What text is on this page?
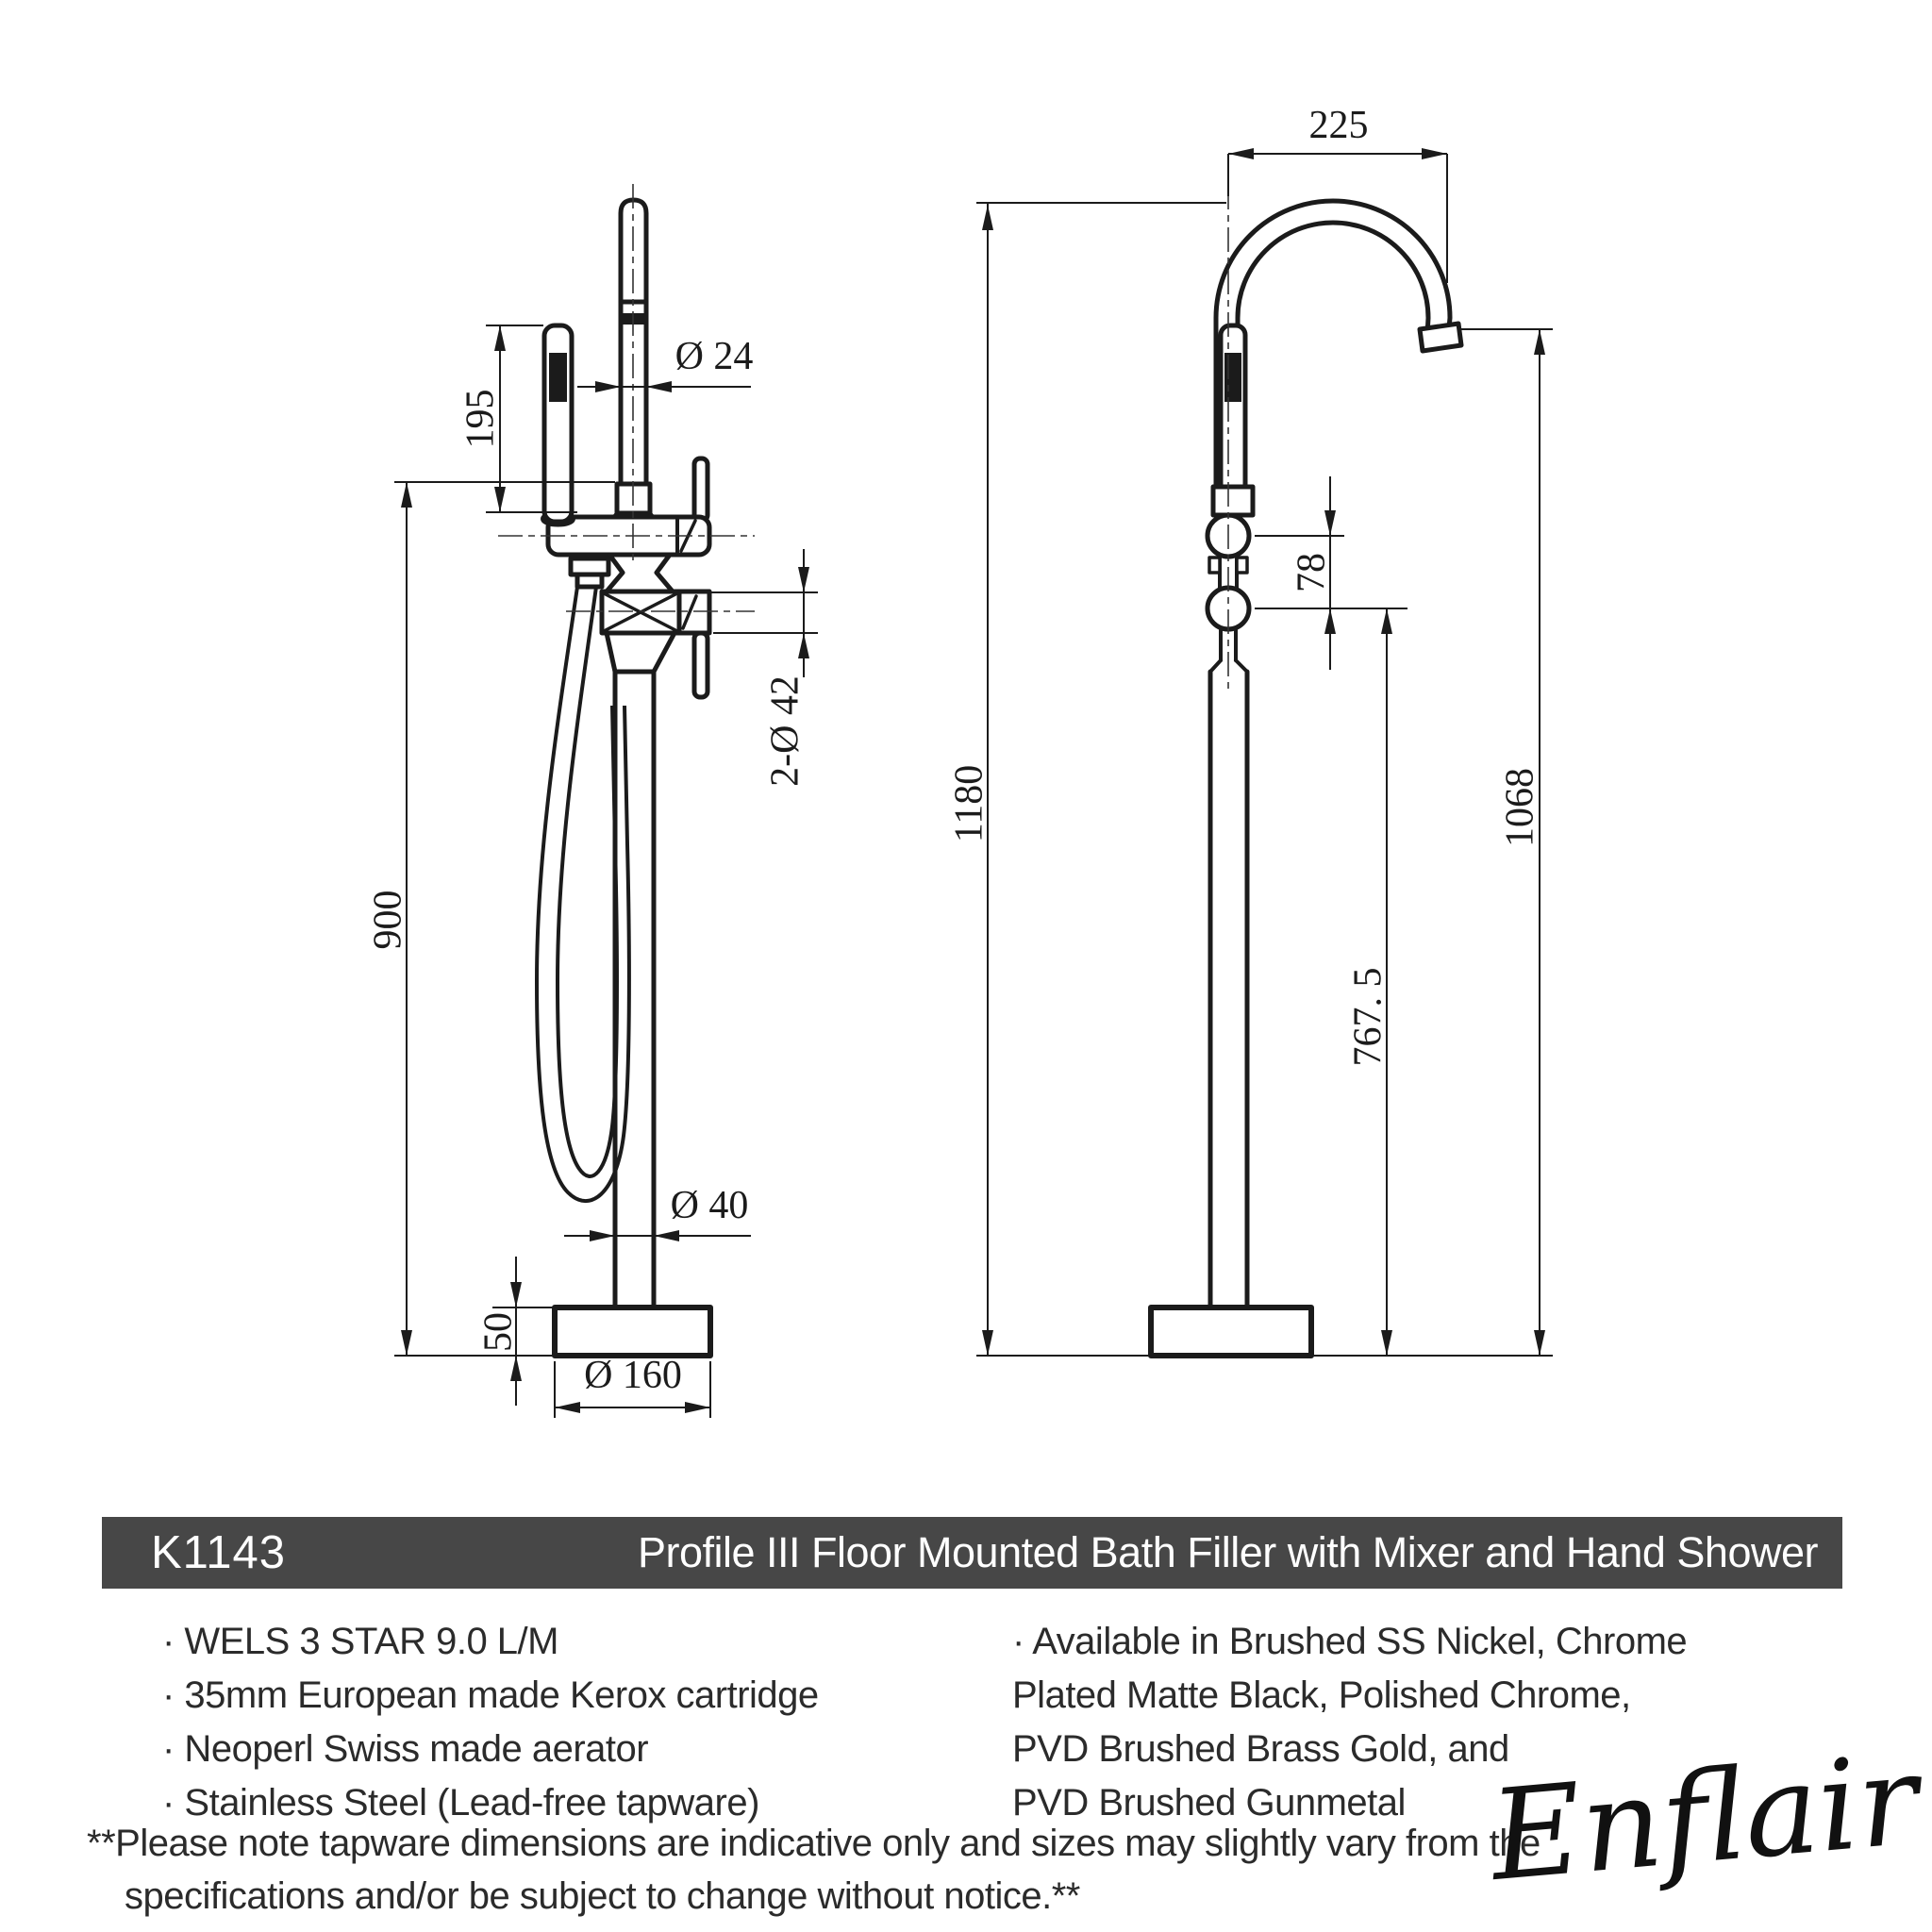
195
Ø 24
2-Ø 42
900
Ø 40
50
Ø 160
225
1180
78
767. 5
1068
K1143	Profile III Floor Mounted Bath Filler with Mixer and Hand Shower
· WELS 3 STAR 9.0 L/M
· 35mm European made Kerox cartridge
· Neoperl Swiss made aerator
· Stainless Steel (Lead-free tapware)
· Available in Brushed SS Nickel, Chrome
Plated Matte Black, Polished Chrome,
PVD Brushed Brass Gold, and
PVD Brushed Gunmetal
**Please note tapware dimensions are indicative only and sizes may slightly vary from the
specifications and/or be subject to change without notice.**	Enflair
